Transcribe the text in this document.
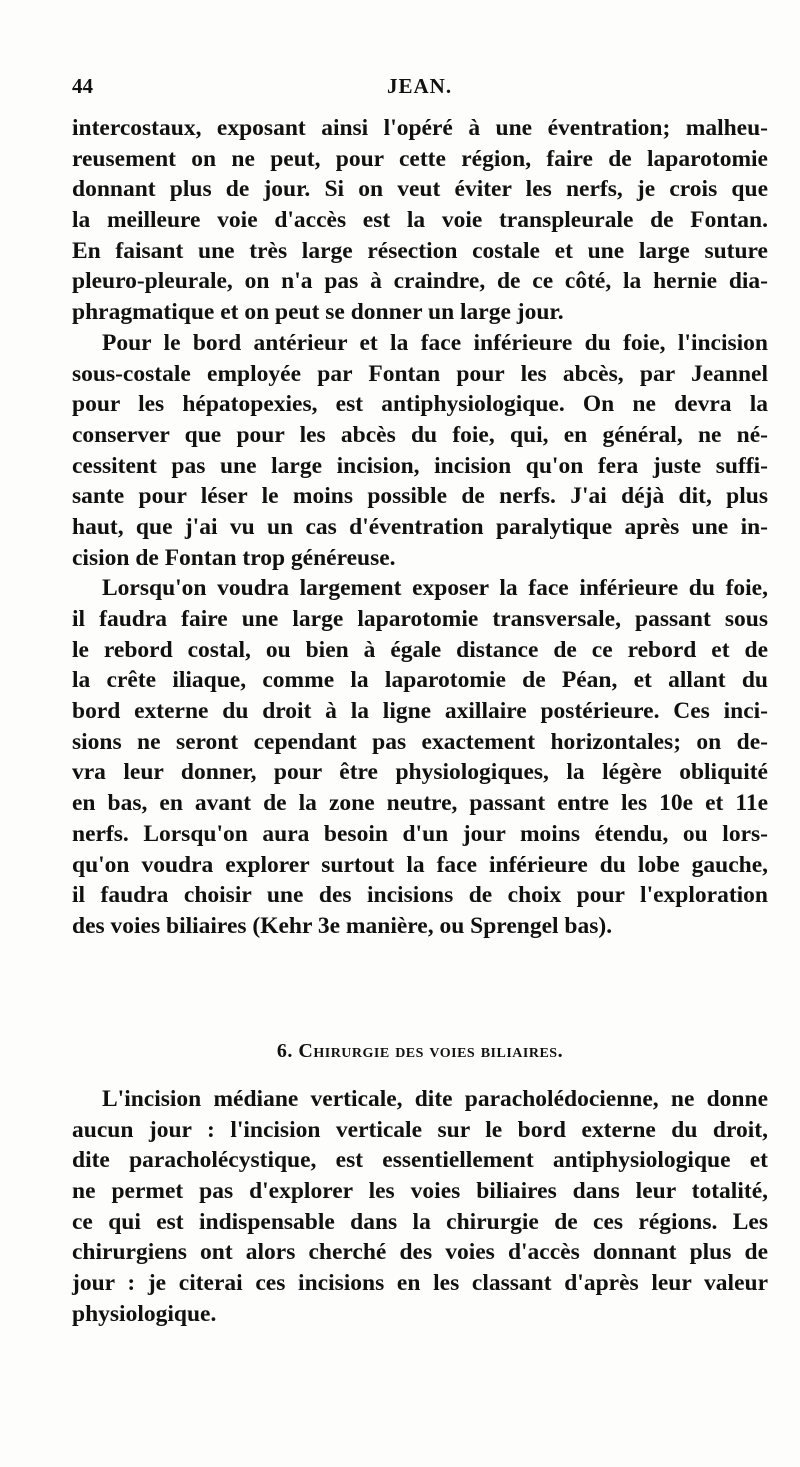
44	JEAN.

intercostaux, exposant ainsi l'opéré à une éventration; malheu-
reusement on ne peut, pour cette région, faire de laparotomie
donnant plus de jour. Si on veut éviter les nerfs, je crois que
la meilleure voie d'accès est la voie transpleurale de Fontan.
En faisant une très large résection costale et une large suture
pleuro-pleurale, on n'a pas à craindre, de ce côté, la hernie dia-
phragmatique et on peut se donner un large jour.

Pour le bord antérieur et la face inférieure du foie, l'incision
sous-costale employée par Fontan pour les abcès, par Jeannel
pour les hépatopexies, est antiphysiologique. On ne devra la
conserver que pour les abcès du foie, qui, en général, ne né-
cessitent pas une large incision, incision qu'on fera juste suffi-
sante pour léser le moins possible de nerfs. J'ai déjà dit, plus
haut, que j'ai vu un cas d'éventration paralytique après une in-
cision de Fontan trop généreuse.

Lorsqu'on voudra largement exposer la face inférieure du foie,
il faudra faire une large laparotomie transversale, passant sous
le rebord costal, ou bien à égale distance de ce rebord et de
la crête iliaque, comme la laparotomie de Péan, et allant du
bord externe du droit à la ligne axillaire postérieure. Ces inci-
sions ne seront cependant pas exactement horizontales; on de-
vra leur donner, pour être physiologiques, la légère obliquité
en bas, en avant de la zone neutre, passant entre les 10e et 11e
nerfs. Lorsqu'on aura besoin d'un jour moins étendu, ou lors-
qu'on voudra explorer surtout la face inférieure du lobe gauche,
il faudra choisir une des incisions de choix pour l'exploration
des voies biliaires (Kehr 3e manière, ou Sprengel bas).

6. Chirurgie des voies biliaires.

L'incision médiane verticale, dite paracholédocienne, ne donne
aucun jour : l'incision verticale sur le bord externe du droit,
dite paracholécystique, est essentiellement antiphysiologique et
ne permet pas d'explorer les voies biliaires dans leur totalité,
ce qui est indispensable dans la chirurgie de ces régions. Les
chirurgiens ont alors cherché des voies d'accès donnant plus de
jour : je citerai ces incisions en les classant d'après leur valeur
physiologique.
